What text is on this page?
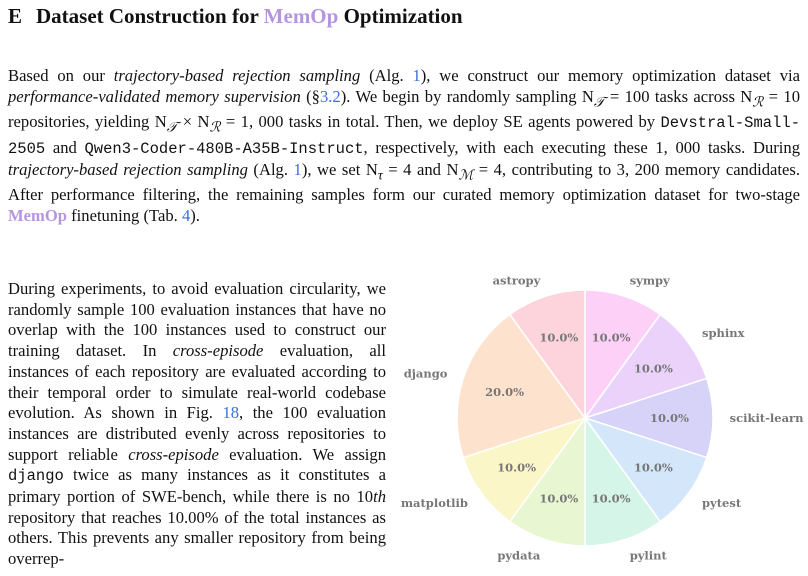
E Dataset Construction for MemOp Optimization
Based on our trajectory-based rejection sampling (Alg. 1), we construct our memory optimization dataset via performance-validated memory supervision (§3.2). We begin by randomly sampling $N_𝒯 = 100$ tasks across $N_ℛ = 10$ repositories, yielding $N_𝒯 \times N_ℛ = 1$, 000 tasks in total. Then, we deploy SE agents powered by Devstral-Small-2505 and Qwen3-Coder-480B-A35B-Instruct, respectively, with each executing these 1, 000 tasks. During trajectory-based rejection sampling (Alg. 1), we set $N_\tau = 4$ and $N_ℳ = 4$, contributing to 3, 200 memory candidates. After performance filtering, the remaining samples form our curated memory optimization dataset for two-stage MemOp finetuning (Tab. 4).
During experiments, to avoid evaluation circularity, we randomly sample 100 evaluation instances that have no overlap with the 100 instances used to construct our training dataset. In cross-episode evaluation, all instances of each repository are evaluated according to their temporal order to simulate real-world codebase evolution. As shown in Fig. 18, the 100 evaluation instances are distributed evenly across repositories to support reliable cross-episode evaluation. We assign django twice as many instances as it constitutes a primary portion of SWE-bench, while there is no 10th repository that reaches 10.00% of the total instances as others. This prevents any smaller repository from being overrep-
10.0%
sympy
10.0%
sphinx
10.0%	scikit-learn
10.0%
pytest
10.0%
pylint
10.0%
pydata
10.0%
matplotlib
20.0%
django
10.0%
astropy
